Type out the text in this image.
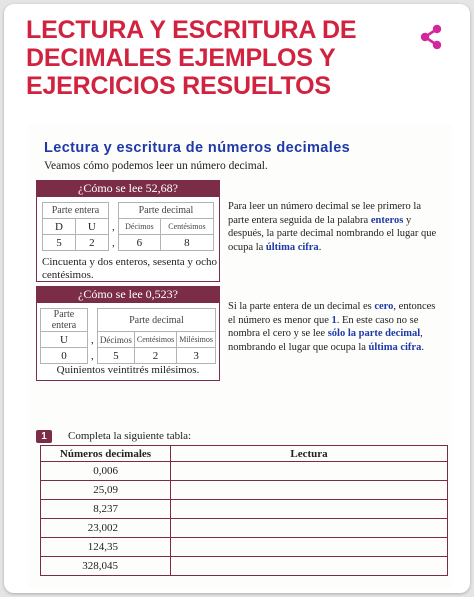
LECTURA Y ESCRITURA DE DECIMALES EJEMPLOS Y EJERCICIOS RESUELTOS
Lectura y escritura de números decimales
Veamos cómo podemos leer un número decimal.
¿Cómo se lee 52,68?
Parte entera			Parte decimal	
D	U	,	Décimos	Centésimos
5	2	,	6	8
Cincuenta y dos enteros, sesenta y ocho centésimos.
¿Cómo se lee 0,523?
Parte entera		Parte decimal		
U	,	Décimos	Centésimos	Milésimos
0	,	5	2	3
Quinientos veintitrés milésimos.
Para leer un número decimal se lee primero la parte entera seguida de la palabra enteros y después, la parte decimal nombrando el lugar que ocupa la última cifra.
Si la parte entera de un decimal es cero, entonces el número es menor que 1. En este caso no se nombra el cero y se lee sólo la parte decimal, nombrando el lugar que ocupa la última cifra.
1	Completa la siguiente tabla:
Números decimales	Lectura
0,006	
25,09	
8,237	
23,002	
124,35	
328,045	
